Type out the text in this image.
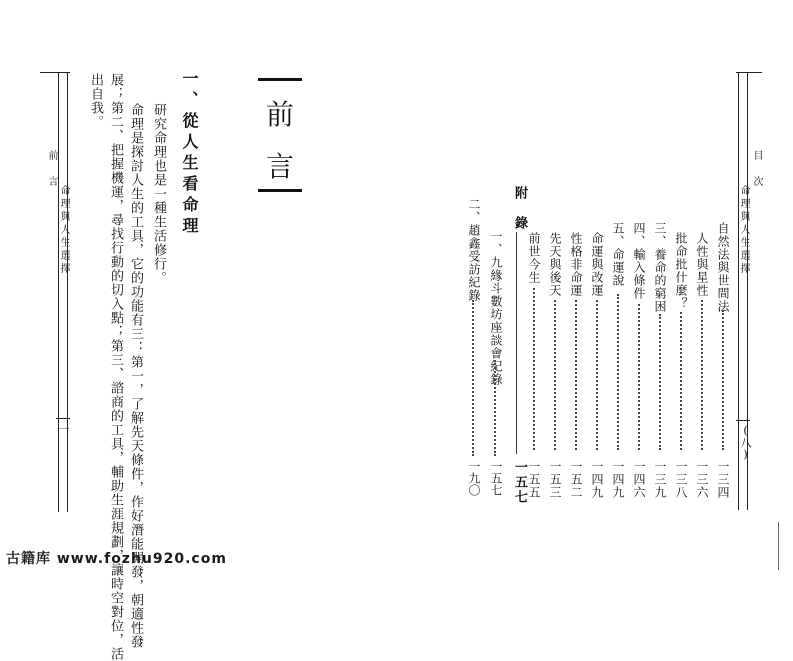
前　言
命理與人生選擇
一
出自我。 展；第二、把握機運，尋找行動的切入點；第三、諮商的工具，輔助生涯規劃，讓時空對位，活 命理是探討人生的工具，它的功能有三：第一，了解先天條件，作好潛能開發，朝適性發 研究命理也是一種生活修行。 一、從人生看命理 前
言	目　次
命理與人生選擇
(八)
自然法與世間法
一三四
人性與星性
一三六
批命批什麼？
一三八
三、養命的窮困
一三九
四、輸入條件
一四六
五、命運說
一四九
命運與改運
一四九
性格非命運
一五二
先天與後天
一五三
前世今生
一五五
附　錄
一五七
一、九緣斗數坊座談會紀錄
一五七
二、趙鑫受訪紀錄
一九〇
古籍库 www.fozhu920.com
